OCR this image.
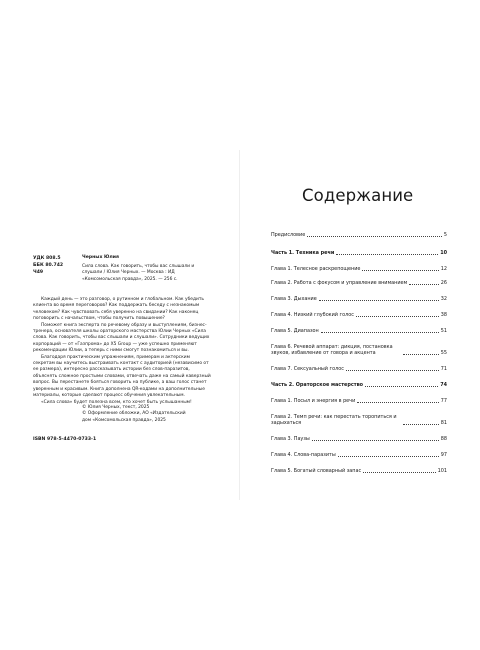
УДК 808.5
ББК 80.742
Ч49
Черных Юлия
Сила слова. Как говорить, чтобы вас слышали и слушали / Юлия Черных. — Москва : ИД «Комсомольская правда», 2025. — 256 с.

Каждый день — это разговор, о рутинном и глобальном. Как убедить клиента во время переговоров? Как поддержать беседу с незнакомым человеком? Как чувствовать себя уверенно на свидании? Как наконец поговорить с начальством, чтобы получить повышение?

Поможет книга эксперта по речевому образу и выступлениям, бизнес-тренера, основателя школы ораторского мастерства Юлии Черных «Сила слова. Как говорить, чтобы вас слышали и слушали». Сотрудники ведущих корпораций — от «Газпрома» до X5 Group — уже успешно применяют рекомендации Юлии, а теперь с ними смогут познакомиться и вы.

Благодаря практическим упражнениям, примерам и актерским секретам вы научитесь выстраивать контакт с аудиторией (независимо от ее размера), интересно рассказывать истории без слов-паразитов, объяснять сложное простыми словами, отвечать даже на самый каверзный вопрос. Вы перестанете бояться говорить на публике, а ваш голос станет уверенным и красивым. Книга дополнена QR-кодами на дополнительные материалы, которые сделают процесс обучения увлекательным.

«Сила слова» будет полезна всем, кто хочет быть услышанным!

© Юлия Черных, текст, 2025
© Оформление обложки, АО «Издательский
дом «Комсомольская правда», 2025
ISBN 978-5-4470-0733-1
Содержание
Предисловие	5
Часть 1. Техника речи	10
Глава 1. Телесное раскрепощение	12
Глава 2. Работа с фокусом и управление вниманием	26
Глава 3. Дыхание	32
Глава 4. Низкий глубокий голос	38
Глава 5. Диапазон	51
Глава 6. Речевой аппарат: дикция, постановка звуков, избавление от говора и акцента	55
Глава 7. Сексуальный голос	71
Часть 2. Ораторское мастерство	74
Глава 1. Посыл и энергия в речи	77
Глава 2. Темп речи: как перестать торопиться и задыхаться	81
Глава 3. Паузы	88
Глава 4. Слова-паразиты	97
Глава 5. Богатый словарный запас	101
